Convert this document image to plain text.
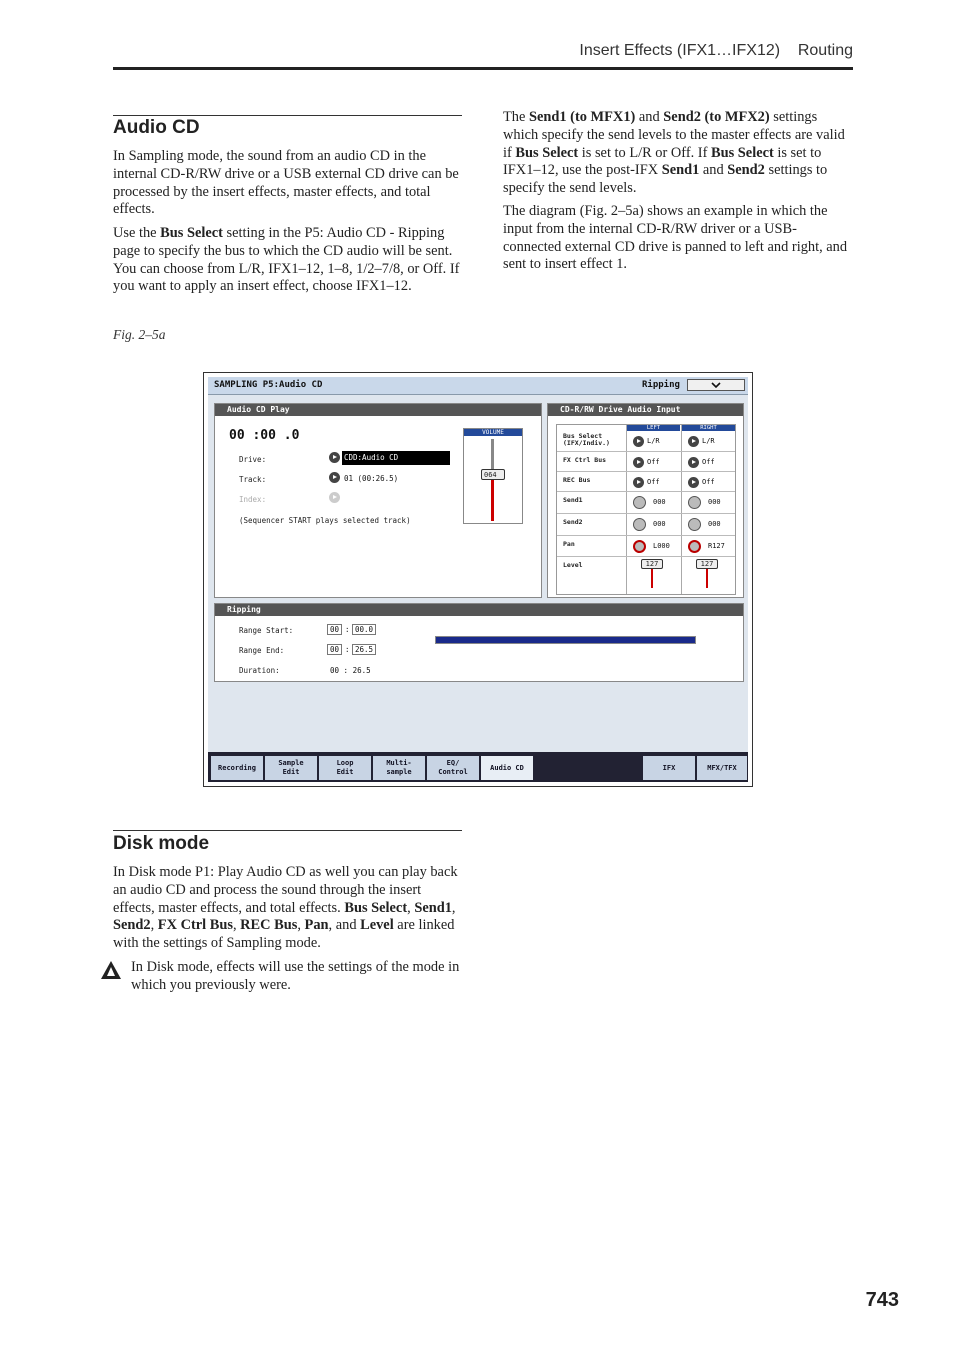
Insert Effects (IFX1…IFX12)    Routing
Audio CD
In Sampling mode, the sound from an audio CD in the internal CD-R/RW drive or a USB external CD drive can be processed by the insert effects, master effects, and total effects.
Use the Bus Select setting in the P5: Audio CD - Ripping page to specify the bus to which the CD audio will be sent. You can choose from L/R, IFX1–12, 1–8, 1/2–7/8, or Off. If you want to apply an insert effect, choose IFX1–12.
Fig. 2–5a
The Send1 (to MFX1) and Send2 (to MFX2) settings which specify the send levels to the master effects are valid if Bus Select is set to L/R or Off. If Bus Select is set to IFX1–12, use the post-IFX Send1 and Send2 settings to specify the send levels.
The diagram (Fig. 2–5a) shows an example in which the input from the internal CD-R/RW driver or a USB-connected external CD drive is panned to left and right, and sent to insert effect 1.
SAMPLING P5:Audio CD	Ripping
Audio CD Play
00 :00 .0
Drive:	CDD:Audio CD
Track:	01 (00:26.5)
Index:
(Sequencer START plays selected track)
VOLUME
064
CD-R/RW Drive Audio Input
LEFT	RIGHT
Bus Select
(IFX/Indiv.)	L/R	L/R
FX Ctrl Bus	Off	Off
REC Bus	Off	Off
Send1	000	000
Send2	000	000
Pan	L000	R127
Level	127	127
Ripping
Range Start:	00 : 00.0
Range End:	00 : 26.5
Duration:	00 : 26.5
Recording
Sample
Edit
Loop
Edit
Multi-
sample
EQ/
Control
Audio CD	IFX	MFX/TFX
Disk mode
In Disk mode P1: Play Audio CD as well you can play back an audio CD and process the sound through the insert effects, master effects, and total effects. Bus Select, Send1, Send2, FX Ctrl Bus, REC Bus, Pan, and Level are linked with the settings of Sampling mode.
In Disk mode, effects will use the settings of the mode in which you previously were.
743
